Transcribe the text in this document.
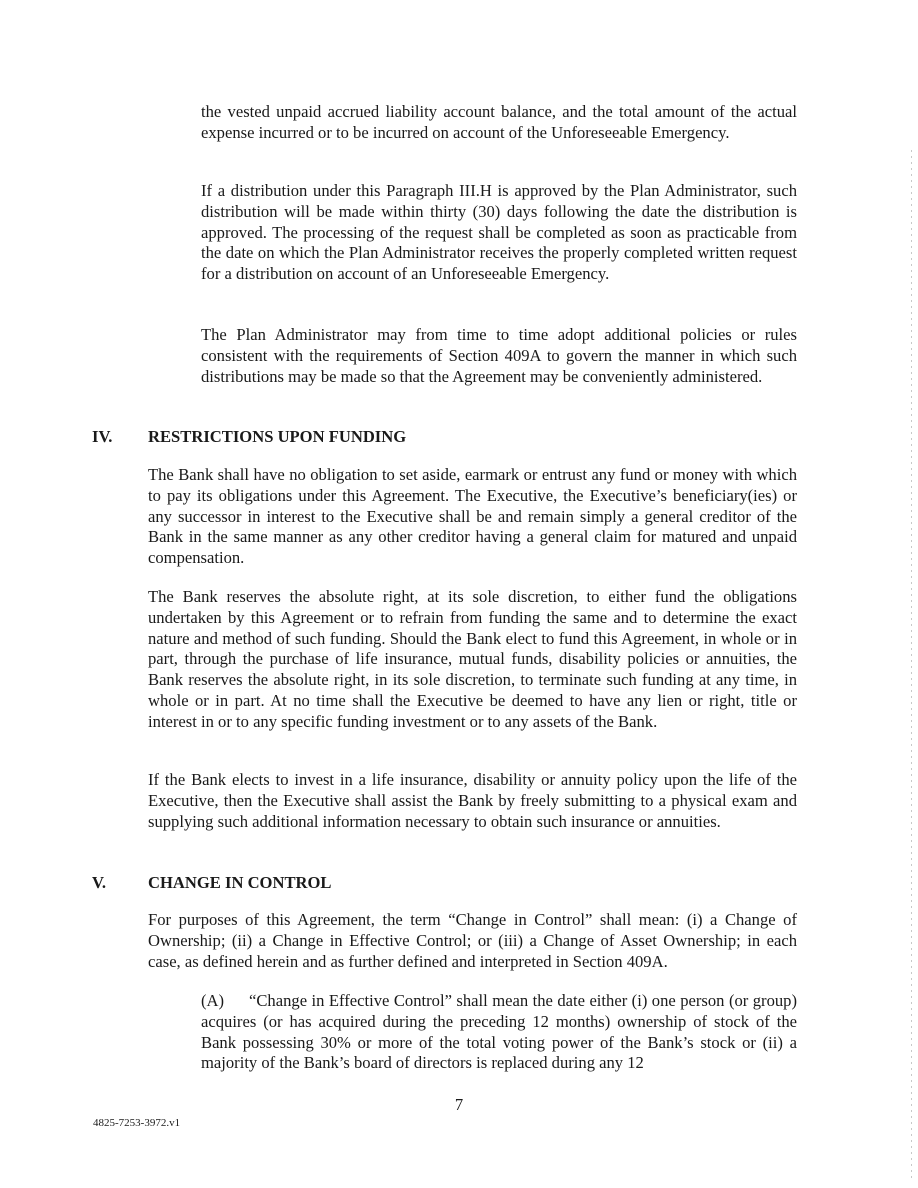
the vested unpaid accrued liability account balance, and the total amount of the actual expense incurred or to be incurred on account of the Unforeseeable Emergency.

If a distribution under this Paragraph III.H is approved by the Plan Administrator, such distribution will be made within thirty (30) days following the date the distribution is approved. The processing of the request shall be completed as soon as practicable from the date on which the Plan Administrator receives the properly completed written request for a distribution on account of an Unforeseeable Emergency.

The Plan Administrator may from time to time adopt additional policies or rules consistent with the requirements of Section 409A to govern the manner in which such distributions may be made so that the Agreement may be conveniently administered.

IV. RESTRICTIONS UPON FUNDING

The Bank shall have no obligation to set aside, earmark or entrust any fund or money with which to pay its obligations under this Agreement. The Executive, the Executive’s beneficiary(ies) or any successor in interest to the Executive shall be and remain simply a general creditor of the Bank in the same manner as any other creditor having a general claim for matured and unpaid compensation.

The Bank reserves the absolute right, at its sole discretion, to either fund the obligations undertaken by this Agreement or to refrain from funding the same and to determine the exact nature and method of such funding. Should the Bank elect to fund this Agreement, in whole or in part, through the purchase of life insurance, mutual funds, disability policies or annuities, the Bank reserves the absolute right, in its sole discretion, to terminate such funding at any time, in whole or in part. At no time shall the Executive be deemed to have any lien or right, title or interest in or to any specific funding investment or to any assets of the Bank.

If the Bank elects to invest in a life insurance, disability or annuity policy upon the life of the Executive, then the Executive shall assist the Bank by freely submitting to a physical exam and supplying such additional information necessary to obtain such insurance or annuities.

V.	CHANGE IN CONTROL

For purposes of this Agreement, the term “Change in Control” shall mean: (i) a Change of Ownership; (ii) a Change in Effective Control; or (iii) a Change of Asset Ownership; in each case, as defined herein and as further defined and interpreted in Section 409A.

(A) “Change in Effective Control” shall mean the date either (i) one person (or group) acquires (or has acquired during the preceding 12 months) ownership of stock of the Bank possessing 30% or more of the total voting power of the Bank’s stock or (ii) a majority of the Bank’s board of directors is replaced during any 12

7
4825-7253-3972.v1
